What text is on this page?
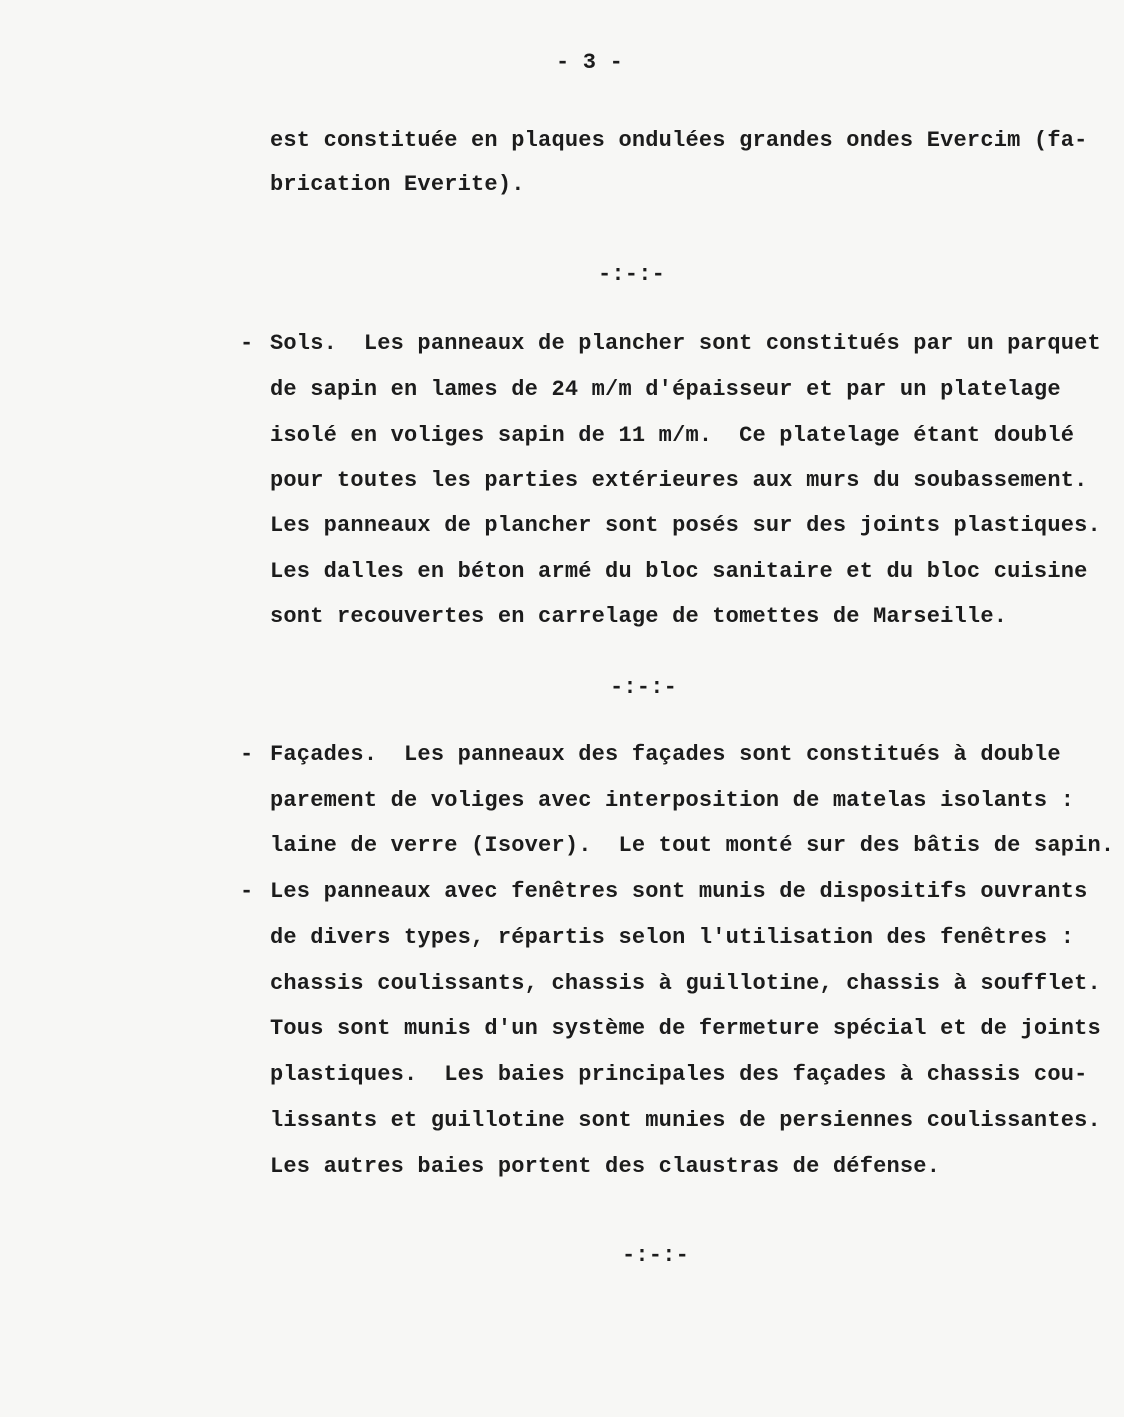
- 3 -
est constituée en plaques ondulées grandes ondes Evercim (fa-
brication Everite).
-:-:-
- Sols.  Les panneaux de plancher sont constitués par un parquet
de sapin en lames de 24 m/m d'épaisseur et par un platelage
isolé en voliges sapin de 11 m/m.  Ce platelage étant doublé
pour toutes les parties extérieures aux murs du soubassement.
Les panneaux de plancher sont posés sur des joints plastiques.
Les dalles en béton armé du bloc sanitaire et du bloc cuisine
sont recouvertes en carrelage de tomettes de Marseille.
-:-:-
- Façades.  Les panneaux des façades sont constitués à double
parement de voliges avec interposition de matelas isolants :
laine de verre (Isover).  Le tout monté sur des bâtis de sapin.
- Les panneaux avec fenêtres sont munis de dispositifs ouvrants
de divers types, répartis selon l'utilisation des fenêtres :
chassis coulissants, chassis à guillotine, chassis à soufflet.
Tous sont munis d'un système de fermeture spécial et de joints
plastiques.  Les baies principales des façades à chassis cou-
lissants et guillotine sont munies de persiennes coulissantes.
Les autres baies portent des claustras de défense.
-:-:-
